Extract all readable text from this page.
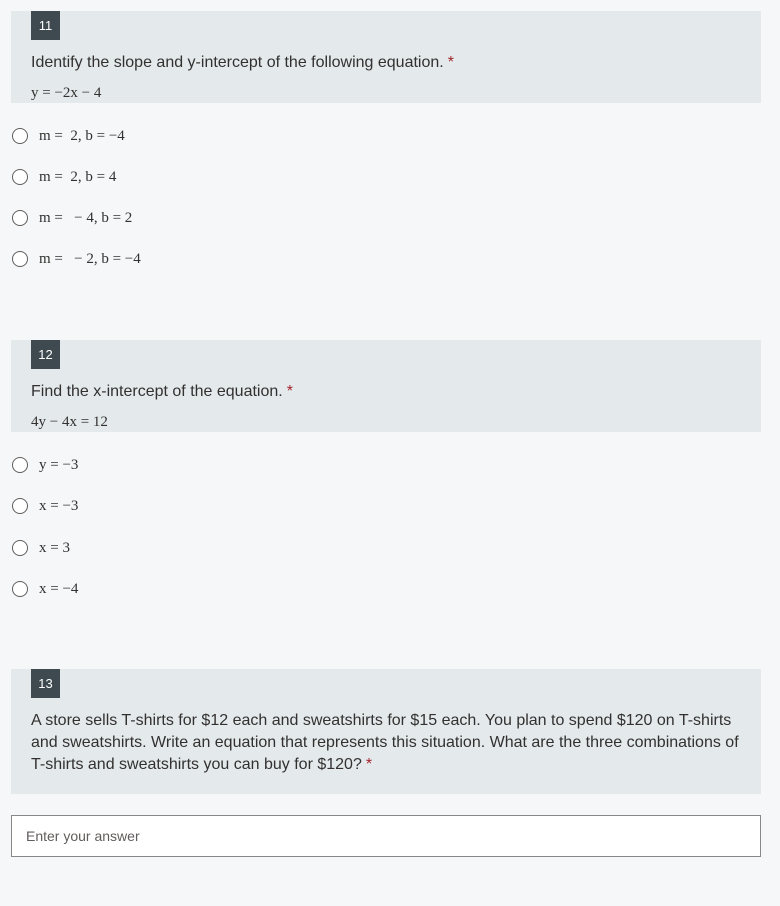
11
Identify the slope and y-intercept of the following equation. *
y = −2x − 4
m =  2, b = −4
m =  2, b = 4
m =   − 4, b = 2
m =   − 2, b = −4
12
Find the x-intercept of the equation. *
4y − 4x = 12
y = −3
x = −3
x = 3
x = −4
13
A store sells T-shirts for $12 each and sweatshirts for $15 each. You plan to spend $120 on T-shirts and sweatshirts. Write an equation that represents this situation. What are the three combinations of T-shirts and sweatshirts you can buy for $120? *
Enter your answer
